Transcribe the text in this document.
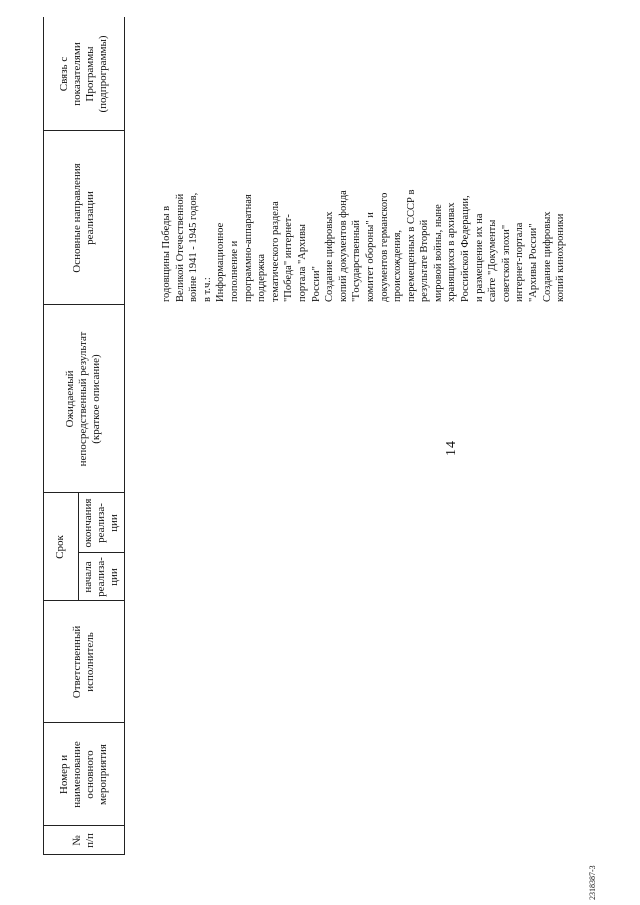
14
№
п/п
Номер и
наименование
основного
мероприятия
Ответственный
исполнитель
Срок
начала
реализа-
ции
окончания
реализа-
ции
Ожидаемый
непосредственный результат
(краткое описание)
Основные направления
реализации
Связь с
показателями
Программы
(подпрограммы)
годовщины Победы в Великой Отечественной войне 1941 - 1945 годов, в т.ч.: Информационное пополнение и программно-аппаратная поддержка тематического раздела "Победа" интернет- портала "Архивы России" Создание цифровых копий документов фонда "Государственный комитет обороны" и документов германского происхождения, перемещенных в СССР в результате Второй мировой войны, ныне хранящихся в архивах Российской Федерации, и размещение их на сайте "Документы советской эпохи" интернет-портала "Архивы России" Создание цифровых копий кинохроники
2318387-3
